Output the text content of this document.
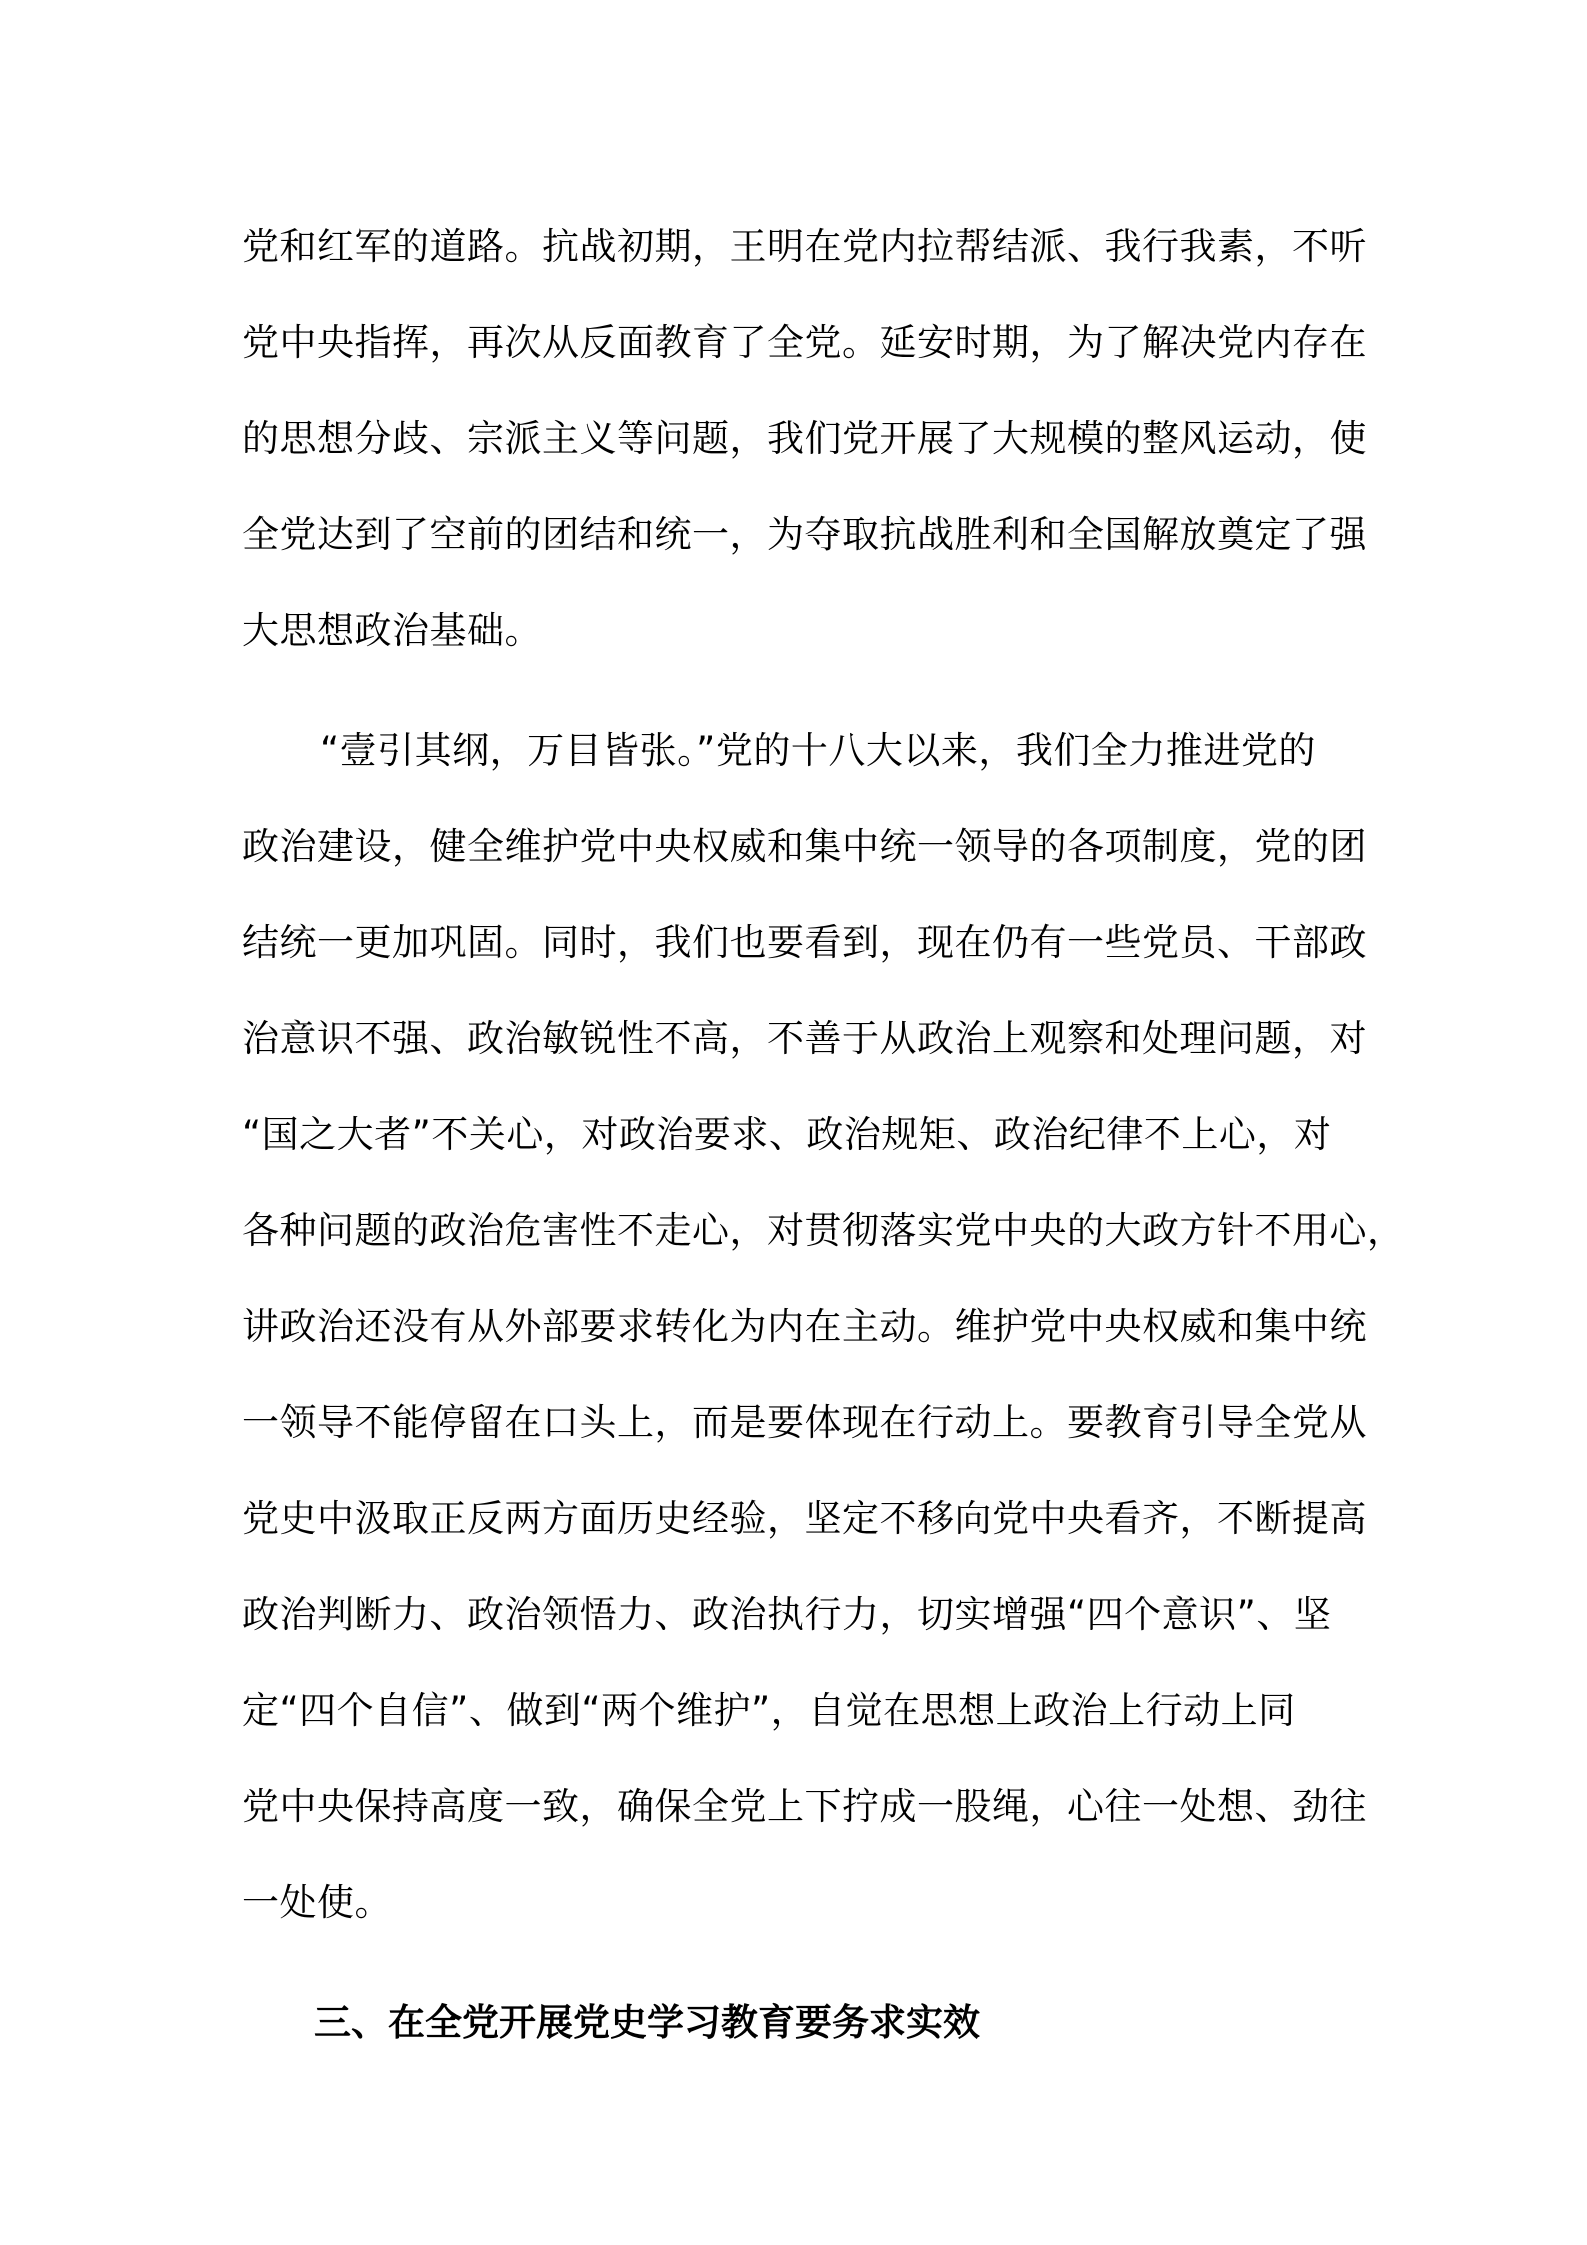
党和红军的道路。抗战初期，王明在党内拉帮结派、我行我素，不听
党中央指挥，再次从反面教育了全党。延安时期，为了解决党内存在
的思想分歧、宗派主义等问题，我们党开展了大规模的整风运动，使
全党达到了空前的团结和统一，为夺取抗战胜利和全国解放奠定了强
大思想政治基础。
“壹引其纲，万目皆张。”党的十八大以来，我们全力推进党的
政治建设，健全维护党中央权威和集中统一领导的各项制度，党的团
结统一更加巩固。同时，我们也要看到，现在仍有一些党员、干部政
治意识不强、政治敏锐性不高，不善于从政治上观察和处理问题，对
“国之大者”不关心，对政治要求、政治规矩、政治纪律不上心，对
各种问题的政治危害性不走心，对贯彻落实党中央的大政方针不用心，
讲政治还没有从外部要求转化为内在主动。维护党中央权威和集中统
一领导不能停留在口头上，而是要体现在行动上。要教育引导全党从
党史中汲取正反两方面历史经验，坚定不移向党中央看齐，不断提高
政治判断力、政治领悟力、政治执行力，切实增强“四个意识”、坚
定“四个自信”、做到“两个维护”，自觉在思想上政治上行动上同
党中央保持高度一致，确保全党上下拧成一股绳，心往一处想、劲往
一处使。
三、在全党开展党史学习教育要务求实效
